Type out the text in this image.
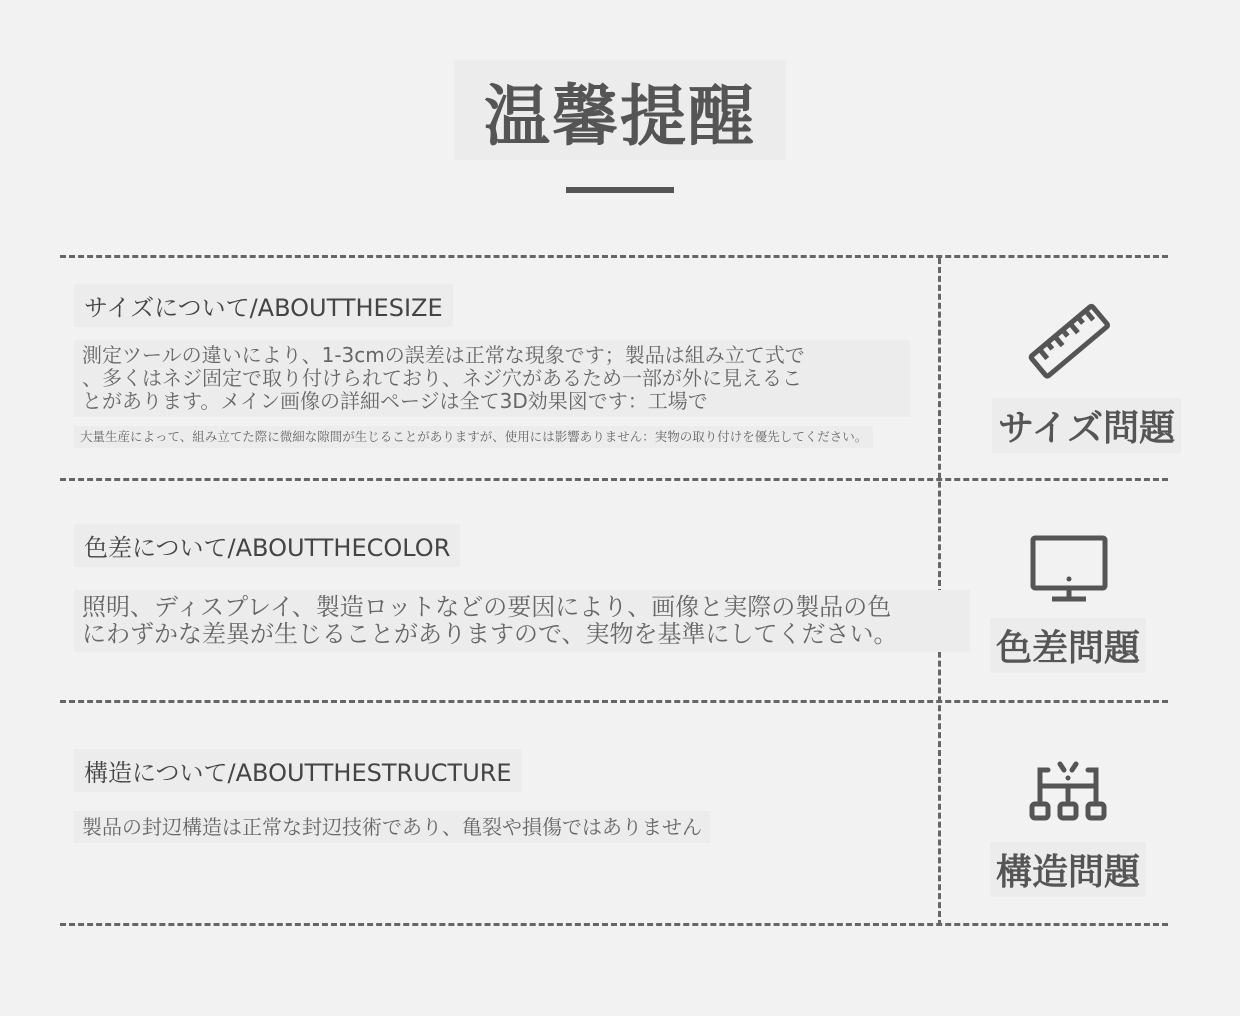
温馨提醒
サイズについて/ABOUTTHESIZE
測定ツールの違いにより、1-3cmの誤差は正常な現象です；製品は組み立て式で
、多くはネジ固定で取り付けられており、ネジ穴があるため一部が外に見えるこ
とがあります。メイン画像の詳細ページは全て3D効果図です：工場で
大量生産によって、組み立てた際に微細な隙間が生じることがありますが、使用には影響ありません：実物の取り付けを優先してください。	サイズ問題
色差について/ABOUTTHECOLOR
照明、ディスプレイ、製造ロットなどの要因により、画像と実際の製品の色
にわずかな差異が生じることがありますので、実物を基準にしてください。	色差問題
構造について/ABOUTTHESTRUCTURE
製品の封辺構造は正常な封辺技術であり、亀裂や損傷ではありません
構造問題
